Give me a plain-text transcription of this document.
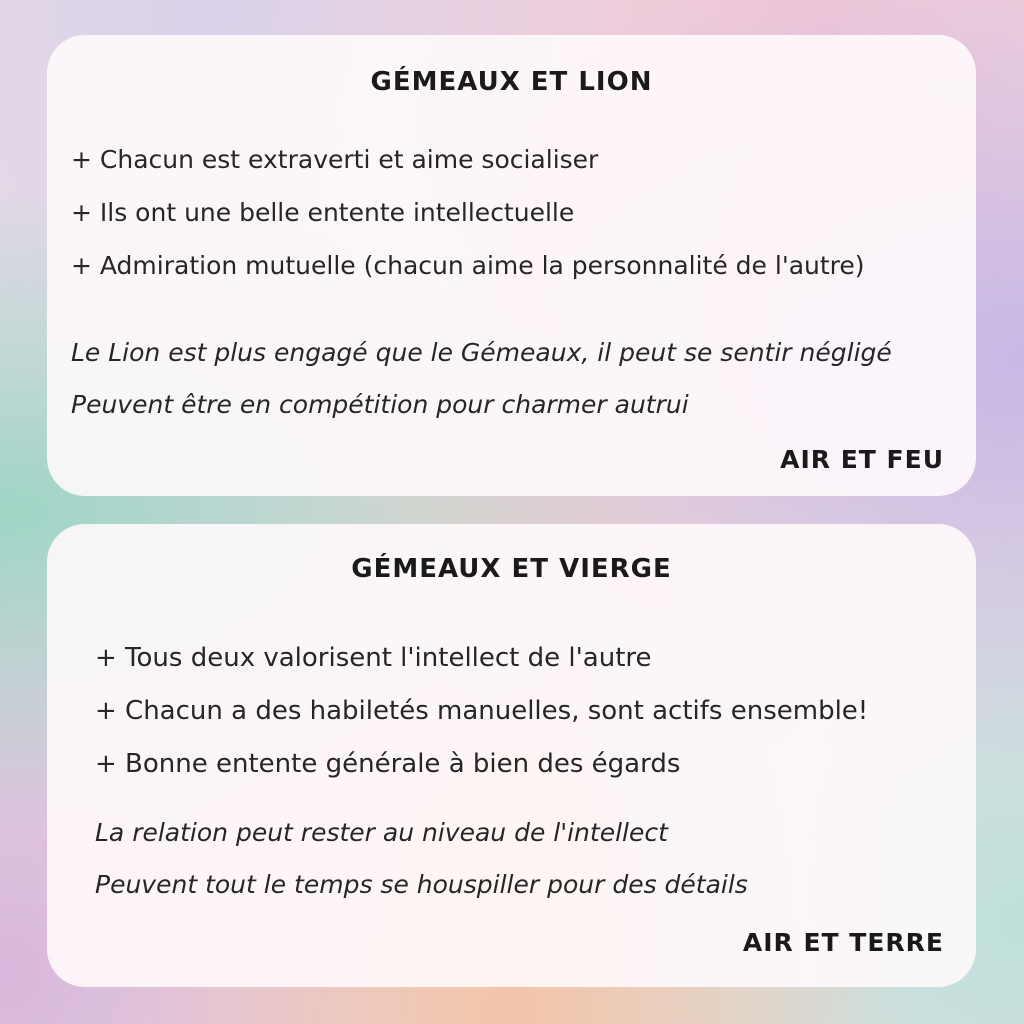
GÉMEAUX ET LION
+ Chacun est extraverti et aime socialiser
+ Ils ont une belle entente intellectuelle
+ Admiration mutuelle (chacun aime la personnalité de l'autre)
Le Lion est plus engagé que le Gémeaux, il peut se sentir négligé
Peuvent être en compétition pour charmer autrui
AIR ET FEU
GÉMEAUX ET VIERGE
+ Tous deux valorisent l'intellect de l'autre
+ Chacun a des habiletés manuelles, sont actifs ensemble!
+ Bonne entente générale à bien des égards
La relation peut rester au niveau de l'intellect
Peuvent tout le temps se houspiller pour des détails
AIR ET TERRE
